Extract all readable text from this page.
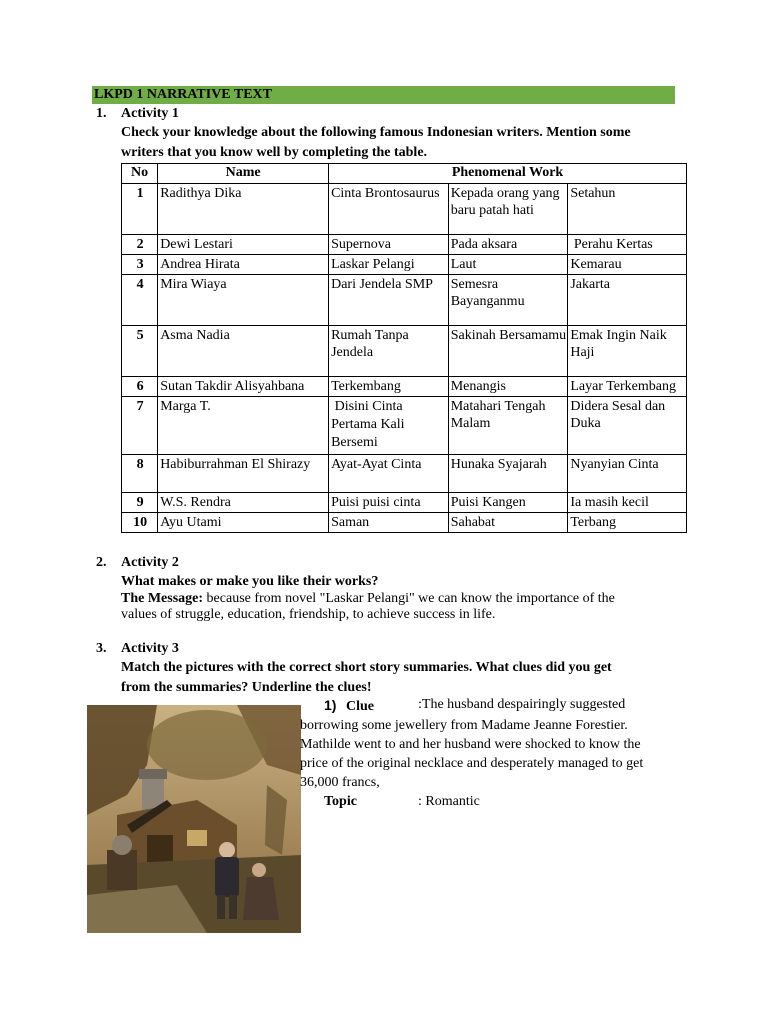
LKPD 1 NARRATIVE TEXT
1. Activity 1
Check your knowledge about the following famous Indonesian writers. Mention some
writers that you know well by completing the table.
No	Name	Phenomenal Work		
1	Radithya Dika	Cinta Brontosaurus	Kepada orang yang baru patah hati	Setahun
2	Dewi Lestari	Supernova	Pada aksara	Perahu Kertas
3	Andrea Hirata	Laskar Pelangi	Laut	Kemarau
4	Mira Wiaya	Dari Jendela SMP	Semesra Bayanganmu	Jakarta
5	Asma Nadia	Rumah Tanpa Jendela	Sakinah Bersamamu	Emak Ingin Naik Haji
6	Sutan Takdir Alisyahbana	Terkembang	Menangis	Layar Terkembang
7	Marga T.	Disini Cinta Pertama Kali Bersemi	Matahari Tengah Malam	Didera Sesal dan Duka
8	Habiburrahman El Shirazy	Ayat-Ayat Cinta	Hunaka Syajarah	Nyanyian Cinta
9	W.S. Rendra	Puisi puisi cinta	Puisi Kangen	Ia masih kecil
10	Ayu Utami	Saman	Sahabat	Terbang
2. Activity 2
What makes or make you like their works?
The Message: because from novel "Laskar Pelangi" we can know the importance of the
values of struggle, education, friendship, to achieve success in life.
3. Activity 3
Match the pictures with the correct short story summaries. What clues did you get
from the summaries? Underline the clues!
1) Clue	:The husband despairingly suggested
borrowing some jewellery from Madame Jeanne Forestier.
Mathilde went to and her husband were shocked to know the
price of the original necklace and desperately managed to get
36,000 francs,
Topic	: Romantic
